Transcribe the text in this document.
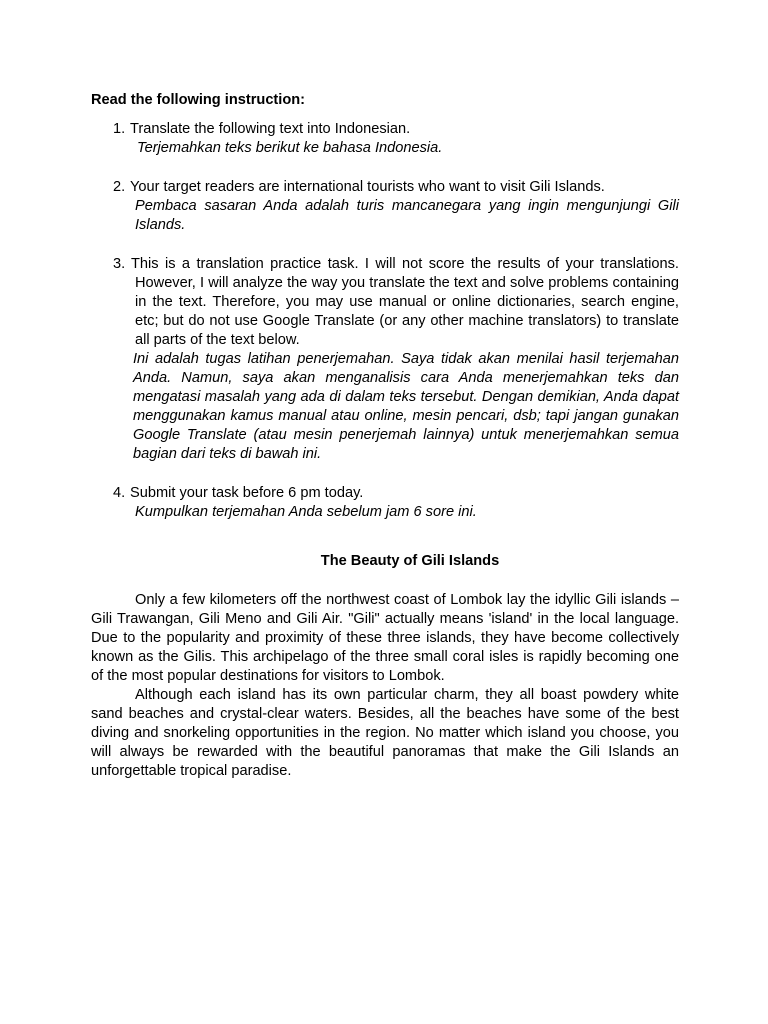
Read the following instruction:

1. Translate the following text into Indonesian.

Terjemahkan teks berikut ke bahasa Indonesia.

2. Your target readers are international tourists who want to visit Gili Islands.

Pembaca sasaran Anda adalah turis mancanegara yang ingin mengunjungi Gili Islands.

3. This is a translation practice task. I will not score the results of your translations. However, I will analyze the way you translate the text and solve problems containing in the text. Therefore, you may use manual or online dictionaries, search engine, etc; but do not use Google Translate (or any other machine translators) to translate all parts of the text below.

Ini adalah tugas latihan penerjemahan. Saya tidak akan menilai hasil terjemahan Anda. Namun, saya akan menganalisis cara Anda menerjemahkan teks dan mengatasi masalah yang ada di dalam teks tersebut. Dengan demikian, Anda dapat menggunakan kamus manual atau online, mesin pencari, dsb; tapi jangan gunakan Google Translate (atau mesin penerjemah lainnya) untuk menerjemahkan semua bagian dari teks di bawah ini.

4. Submit your task before 6 pm today.

Kumpulkan terjemahan Anda sebelum jam 6 sore ini.

The Beauty of Gili Islands

Only a few kilometers off the northwest coast of Lombok lay the idyllic Gili islands – Gili Trawangan, Gili Meno and Gili Air. "Gili" actually means 'island' in the local language. Due to the popularity and proximity of these three islands, they have become collectively known as the Gilis. This archipelago of the three small coral isles is rapidly becoming one of the most popular destinations for visitors to Lombok.

Although each island has its own particular charm, they all boast powdery white sand beaches and crystal-clear waters. Besides, all the beaches have some of the best diving and snorkeling opportunities in the region. No matter which island you choose, you will always be rewarded with the beautiful panoramas that make the Gili Islands an unforgettable tropical paradise.
